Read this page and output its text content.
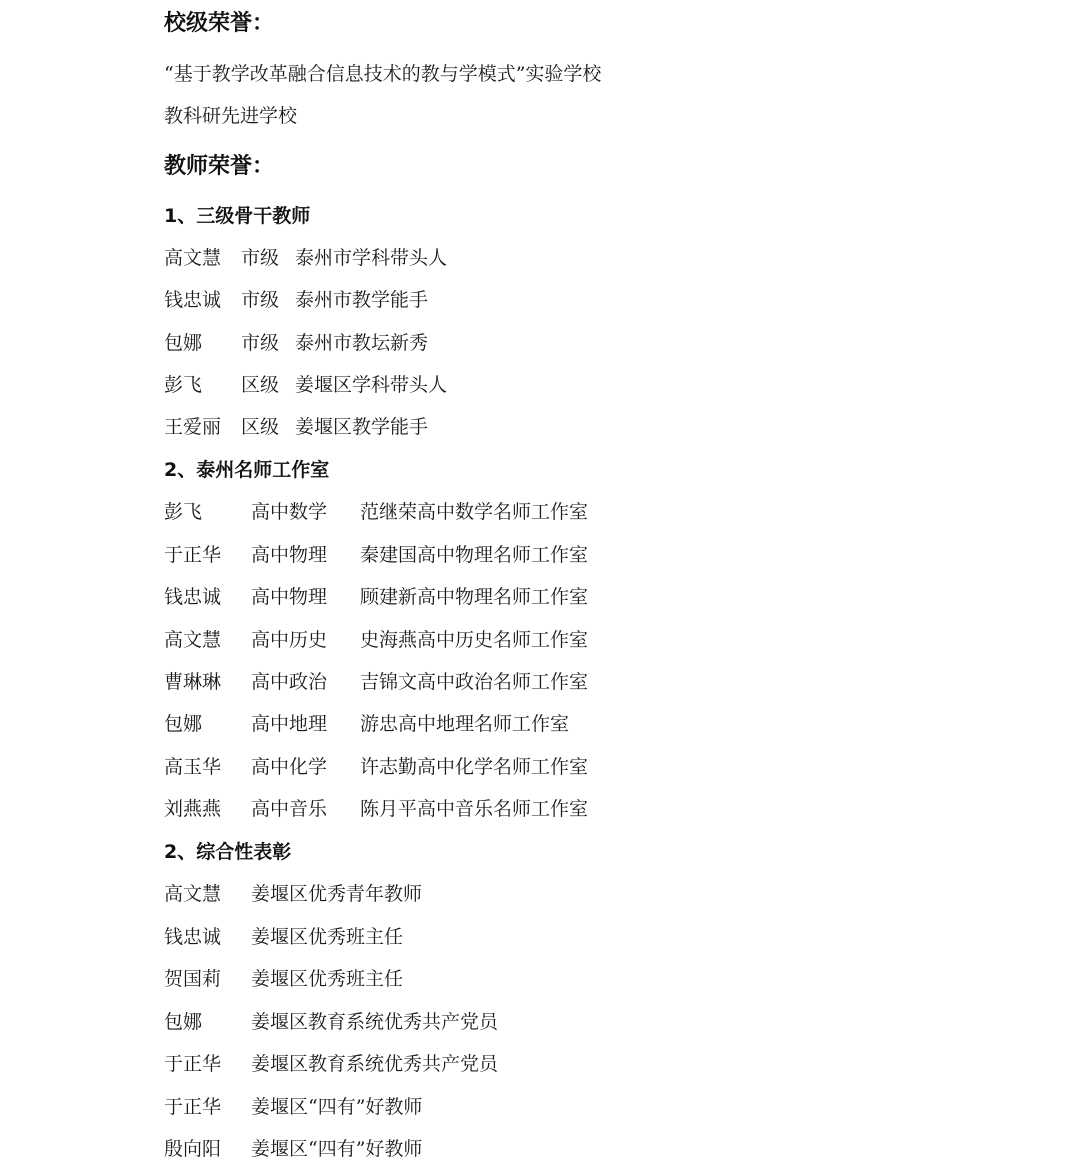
校级荣誉：
“基于教学改革融合信息技术的教与学模式”实验学校
教科研先进学校
教师荣誉：
1、三级骨干教师
高文慧	市级 泰州市学科带头人
钱忠诚	市级 泰州市教学能手
包娜	市级 泰州市教坛新秀
彭飞	区级 姜堰区学科带头人
王爱丽	区级 姜堰区教学能手
2、泰州名师工作室
彭飞	高中数学	范继荣高中数学名师工作室
于正华	高中物理	秦建国高中物理名师工作室
钱忠诚	高中物理	顾建新高中物理名师工作室
高文慧	高中历史	史海燕高中历史名师工作室
曹琳琳	高中政治	吉锦文高中政治名师工作室
包娜	高中地理	游忠高中地理名师工作室
高玉华	高中化学	许志勤高中化学名师工作室
刘燕燕	高中音乐	陈月平高中音乐名师工作室
2、综合性表彰
高文慧	姜堰区优秀青年教师
钱忠诚	姜堰区优秀班主任
贺国莉	姜堰区优秀班主任
包娜	姜堰区教育系统优秀共产党员
于正华	姜堰区教育系统优秀共产党员
于正华	姜堰区“四有”好教师
殷向阳	姜堰区“四有”好教师
